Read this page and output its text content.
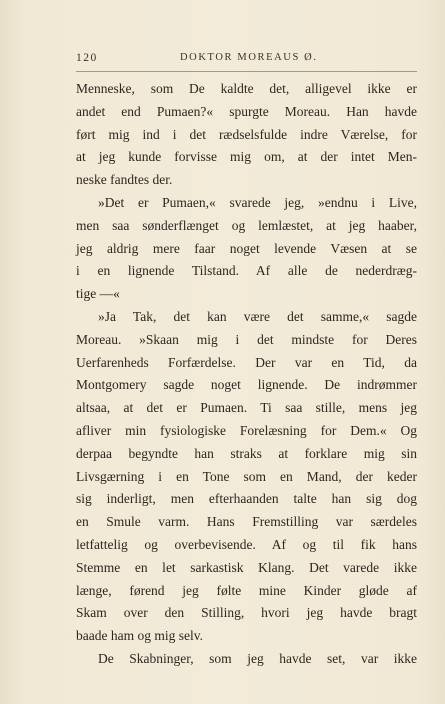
120	DOKTOR MOREAUS Ø.
Menneske, som De kaldte det, alligevel ikke er
andet end Pumaen?« spurgte Moreau. Han havde
ført mig ind i det rædselsfulde indre Værelse, for
at jeg kunde forvisse mig om, at der intet Men-
neske fandtes der.
»Det er Pumaen,« svarede jeg, »endnu i Live,
men saa sønderflænget og lemlæstet, at jeg haaber,
jeg aldrig mere faar noget levende Væsen at se
i en lignende Tilstand. Af alle de nederdræg-
tige —«
»Ja Tak, det kan være det samme,« sagde
Moreau. »Skaan mig i det mindste for Deres
Uerfarenheds Forfærdelse. Der var en Tid, da
Montgomery sagde noget lignende. De indrømmer
altsaa, at det er Pumaen. Ti saa stille, mens jeg
afliver min fysiologiske Forelæsning for Dem.« Og
derpaa begyndte han straks at forklare mig sin
Livsgærning i en Tone som en Mand, der keder
sig inderligt, men efterhaanden talte han sig dog
en Smule varm. Hans Fremstilling var særdeles
letfattelig og overbevisende. Af og til fik hans
Stemme en let sarkastisk Klang. Det varede ikke
længe, førend jeg følte mine Kinder gløde af
Skam over den Stilling, hvori jeg havde bragt
baade ham og mig selv.
De Skabninger, som jeg havde set, var ikke
